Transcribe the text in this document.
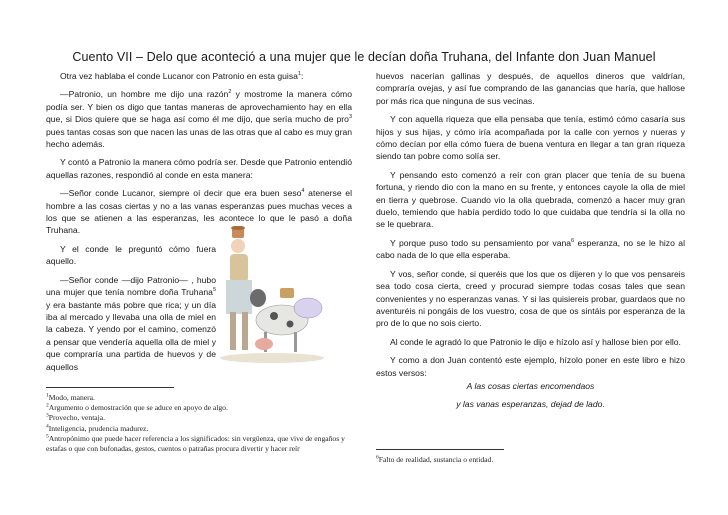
Cuento VII – Delo que aconteció a una mujer que le decían doña Truhana, del Infante don Juan Manuel

Otra vez hablaba el conde Lucanor con Patronio en esta guisa$^1$:

—Patronio, un hombre me dijo una razón$^2$ y mostrome la manera cómo podía ser. Y bien os digo que tantas maneras de aprovechamiento hay en ella que, si Dios quiere que se haga así como él me dijo, que sería mucho de pro$^3$ pues tantas cosas son que nacen las unas de las otras que al cabo es muy gran hecho además.

Y contó a Patronio la manera cómo podría ser. Desde que Patronio entendió aquellas razones, respondió al conde en esta manera:

—Señor conde Lucanor, siempre oí decir que era buen seso$^4$ atenerse el hombre a las cosas ciertas y no a las vanas esperanzas pues muchas veces a los que se atienen a las esperanzas, les acontece lo que le pasó a doña Truhana.

Y el conde le preguntó cómo fuera aquello.

—Señor conde —dijo Patronio— , hubo una mujer que tenía nombre doña Truhana$^5$ y era bastante más pobre que rica; y un día iba al mercado y llevaba una olla de miel en la cabeza. Y yendo por el camino, comenzó a pensar que vendería aquella olla de miel y que compraría una partida de huevos y de aquellos

$^1$Modo, manera.
$^2$Argumento o demostración que se aduce en apoyo de algo.
$^3$Provecho, ventaja.
$^4$Inteligencia, prudencia madurez.
$^5$Antropónimo que puede hacer referencia a los significados: sin vergüenza, que vive de engaños y estafas o que con bufonadas, gestos, cuentos o patrañas procura divertir y hacer reír

huevos nacerían gallinas y después, de aquellos dineros que valdrían, compraría ovejas, y así fue comprando de las ganancias que haría, que hallose por más rica que ninguna de sus vecinas.

Y con aquella riqueza que ella pensaba que tenía, estimó cómo casaría sus hijos y sus hijas, y cómo iría acompañada por la calle con yernos y nueras y cómo decían por ella cómo fuera de buena ventura en llegar a tan gran riqueza siendo tan pobre como solía ser.

Y pensando esto comenzó a reír con gran placer que tenía de su buena fortuna, y riendo dio con la mano en su frente, y entonces cayole la olla de miel en tierra y quebrose. Cuando vio la olla quebrada, comenzó a hacer muy gran duelo, temiendo que había perdido todo lo que cuidaba que tendría si la olla no se le quebrara.

Y porque puso todo su pensamiento por vana$^6$ esperanza, no se le hizo al cabo nada de lo que ella esperaba.

Y vos, señor conde, si queréis que los que os dijeren y lo que vos pensareis sea todo cosa cierta, creed y procurad siempre todas cosas tales que sean convenientes y no esperanzas vanas. Y si las quisiereis probar, guardaos que no aventuréis ni pongáis de los vuestro, cosa de que os sintáis por esperanza de la pro de lo que no sois cierto.

Al conde le agradó lo que Patronio le dijo e hízolo así y hallose bien por ello.

Y como a don Juan contentó este ejemplo, hízolo poner en este libro e hizo estos versos:

A las cosas ciertas encomendaos

y las vanas esperanzas, dejad de lado.

$^6$Falto de realidad, sustancia o entidad.
